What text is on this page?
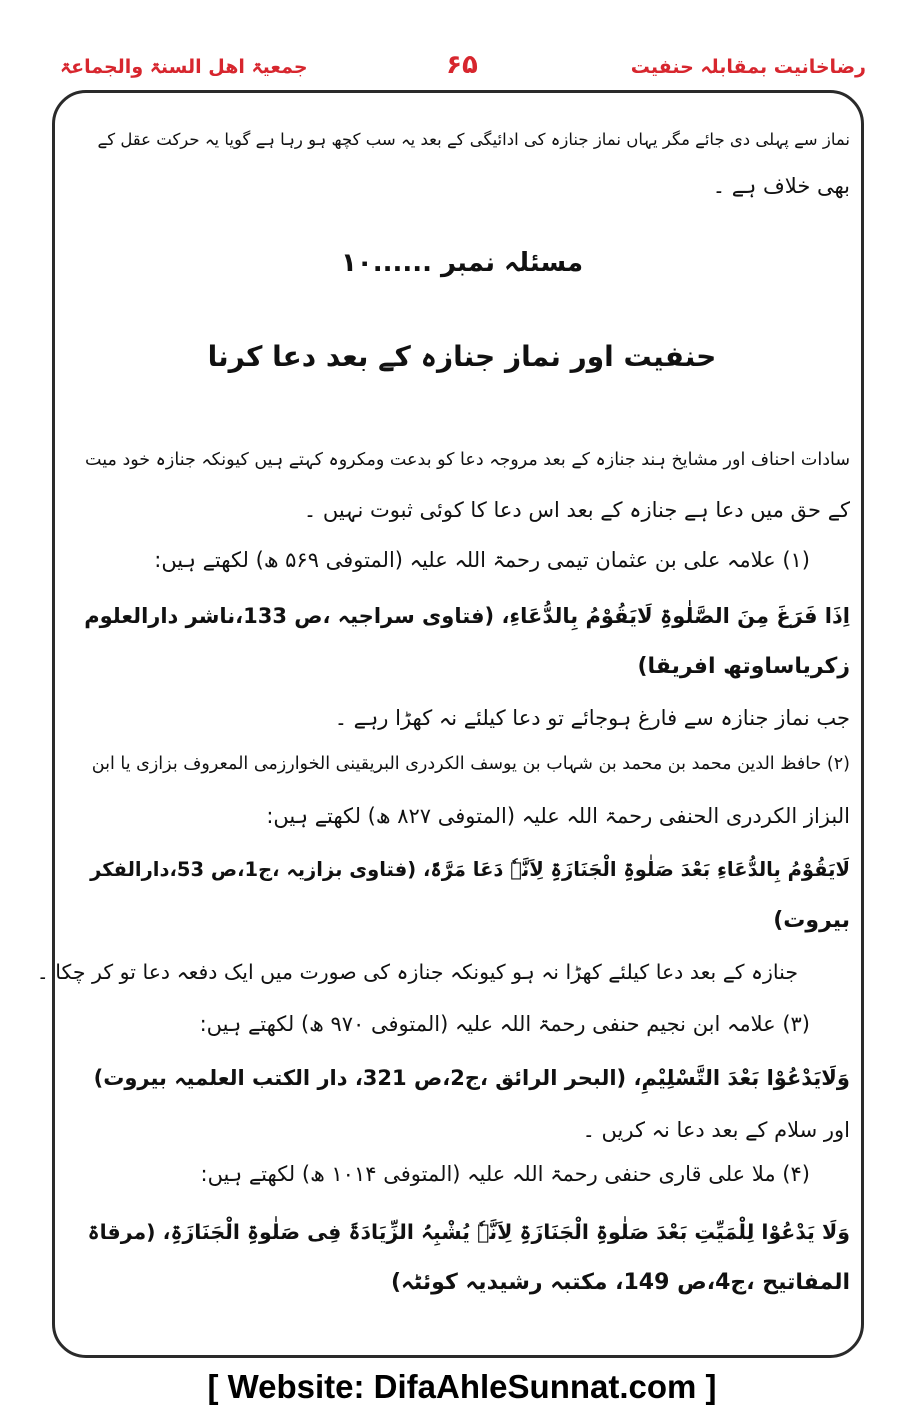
رضاخانیت بمقابلہ حنفیت
۶۵
جمعیۃ اهل السنۃ والجماعۃ
نماز سے پہلی دی جائے مگر یہاں نماز جنازہ کی ادائیگی کے بعد یہ سب کچھ ہو رہا ہے گویا یہ حرکت عقل کے
بھی خلاف ہے ۔
مسئلہ نمبر ......۱۰
حنفیت اور نماز جنازہ کے بعد دعا کرنا
سادات احناف اور مشایخ ہند جنازہ کے بعد مروجہ دعا کو بدعت ومکروہ کہتے ہیں کیونکہ جنازہ خود میت
کے حق میں دعا ہے جنازہ کے بعد اس دعا کا کوئی ثبوت نہیں ۔
(۱) علامہ علی بن عثمان تیمی رحمۃ اللہ علیہ (المتوفی ۵۶۹ ھ) لکھتے ہیں:
اِذَا فَرَغَ مِنَ الصَّلٰوۃِ لَایَقُوْمُ بِالدُّعَاءِ، (فتاوی سراجیہ ،ص 133،ناشر دارالعلوم
زکریاساوتھ افریقا)
جب نماز جنازہ سے فارغ ہوجائے تو دعا کیلئے نہ کھڑا رہے ۔
(۲) حافظ الدین محمد بن محمد بن شہاب بن یوسف الکردری البریقینی الخوارزمی المعروف بزازی یا ابن
البزاز الکردری الحنفی رحمۃ اللہ علیہ (المتوفی ۸۲۷ ھ) لکھتے ہیں:
لَایَقُوْمُ بِالدُّعَاءِ بَعْدَ صَلٰوۃِ الْجَنَازَۃِ لِاَنَّہٗ دَعَا مَرَّۃً، (فتاوی بزازیہ ،ج1،ص 53،دارالفکر
بیروت)
جنازہ کے بعد دعا کیلئے کھڑا نہ ہو کیونکہ جنازہ کی صورت میں ایک دفعہ دعا تو کر چکا ۔
(۳) علامہ ابن نجیم حنفی رحمۃ اللہ علیہ (المتوفی ۹۷۰ ھ) لکھتے ہیں:
وَلَایَدْعُوْا بَعْدَ التَّسْلِیْمِ، (البحر الرائق ،ج2،ص 321، دار الکتب العلمیہ بیروت)
اور سلام کے بعد دعا نہ کریں ۔
(۴) ملا علی قاری حنفی رحمۃ اللہ علیہ (المتوفی ۱۰۱۴ ھ) لکھتے ہیں:
وَلَا یَدْعُوْا لِلْمَیِّتِ بَعْدَ صَلٰوۃِ الْجَنَازَۃِ لِاَنَّہٗ یُشْبِہُ الزِّیَادَۃَ فِی صَلٰوۃِ الْجَنَازَۃِ، (مرقاۃ
المفاتیح ،ج4،ص 149، مکتبہ رشیدیہ کوئٹہ)
[ Website: DifaAhleSunnat.com ]
